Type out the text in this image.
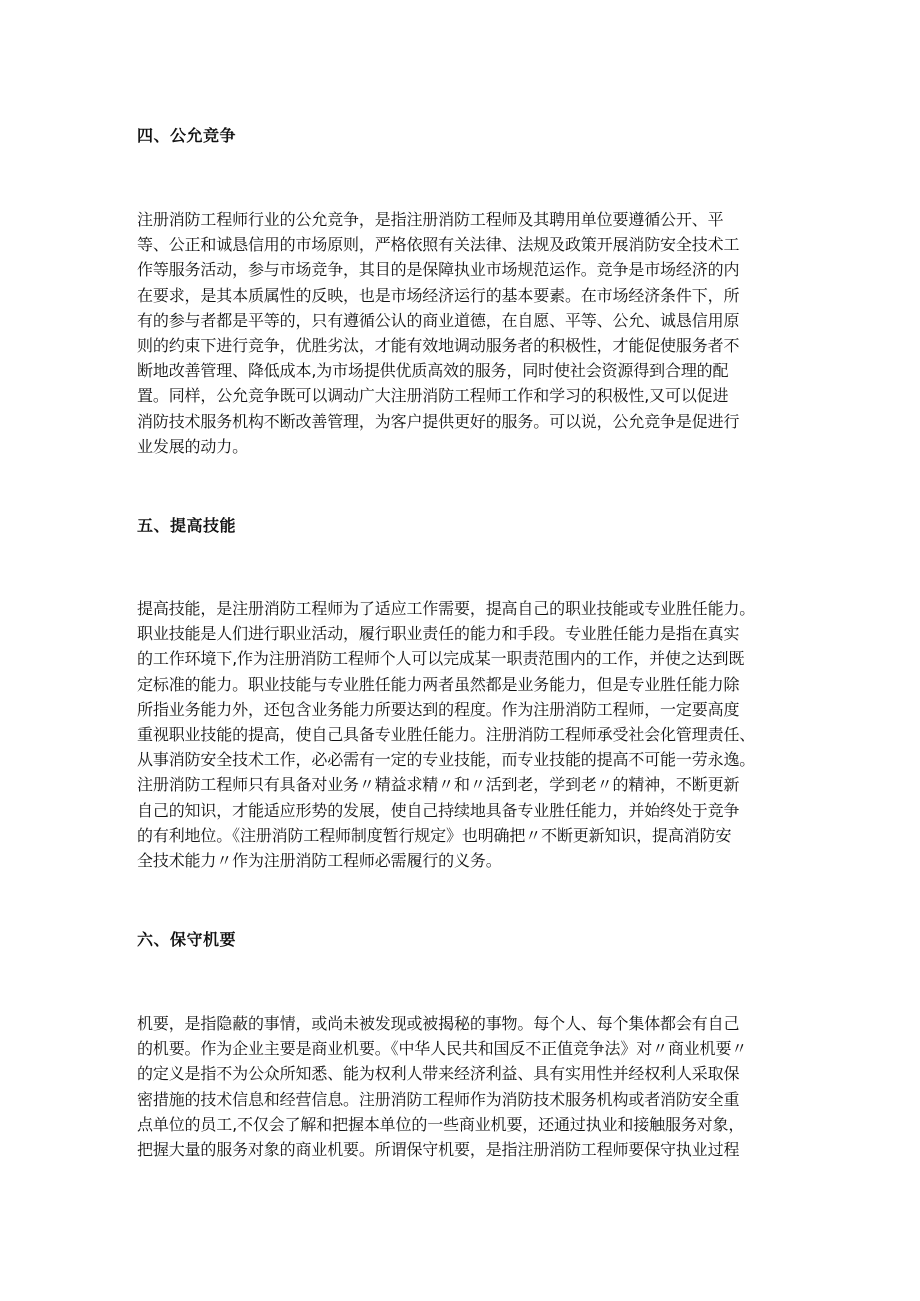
四、公允竞争
注册消防工程师行业的公允竞争，是指注册消防工程师及其聘用单位要遵循公开、平
等、公正和诚恳信用的市场原则，严格依照有关法律、法规及政策开展消防安全技术工
作等服务活动，参与市场竞争，其目的是保障执业市场规范运作。竞争是市场经济的内
在要求，是其本质属性的反映，也是市场经济运行的基本要素。在市场经济条件下，所
有的参与者都是平等的，只有遵循公认的商业道德，在自愿、平等、公允、诚恳信用原
则的约束下进行竞争，优胜劣汰，才能有效地调动服务者的积极性，才能促使服务者不
断地改善管理、降低成本,为市场提供优质高效的服务，同时使社会资源得到合理的配
置。同样，公允竞争既可以调动广大注册消防工程师工作和学习的积极性,又可以促进
消防技术服务机构不断改善管理，为客户提供更好的服务。可以说，公允竞争是促进行
业发展的动力。
五、提高技能
提高技能，是注册消防工程师为了适应工作需要，提高自己的职业技能或专业胜任能力。
职业技能是人们进行职业活动，履行职业责任的能力和手段。专业胜任能力是指在真实
的工作环境下,作为注册消防工程师个人可以完成某一职责范围内的工作，并使之达到既
定标准的能力。职业技能与专业胜任能力两者虽然都是业务能力，但是专业胜任能力除
所指业务能力外，还包含业务能力所要达到的程度。作为注册消防工程师，一定要高度
重视职业技能的提高，使自己具备专业胜任能力。注册消防工程师承受社会化管理责任、
从事消防安全技术工作，必必需有一定的专业技能，而专业技能的提高不可能一劳永逸。
注册消防工程师只有具备对业务〃精益求精〃和〃活到老，学到老〃的精神，不断更新
自己的知识，才能适应形势的发展，使自己持续地具备专业胜任能力，并始终处于竞争
的有利地位。《注册消防工程师制度暂行规定》也明确把〃不断更新知识，提高消防安
全技术能力〃作为注册消防工程师必需履行的义务。
六、保守机要
机要，是指隐蔽的事情，或尚未被发现或被揭秘的事物。每个人、每个集体都会有自己
的机要。作为企业主要是商业机要。《中华人民共和国反不正值竞争法》对〃商业机要〃
的定义是指不为公众所知悉、能为权利人带来经济利益、具有实用性并经权利人采取保
密措施的技术信息和经营信息。注册消防工程师作为消防技术服务机构或者消防安全重
点单位的员工,不仅会了解和把握本单位的一些商业机要，还通过执业和接触服务对象，
把握大量的服务对象的商业机要。所谓保守机要，是指注册消防工程师要保守执业过程
